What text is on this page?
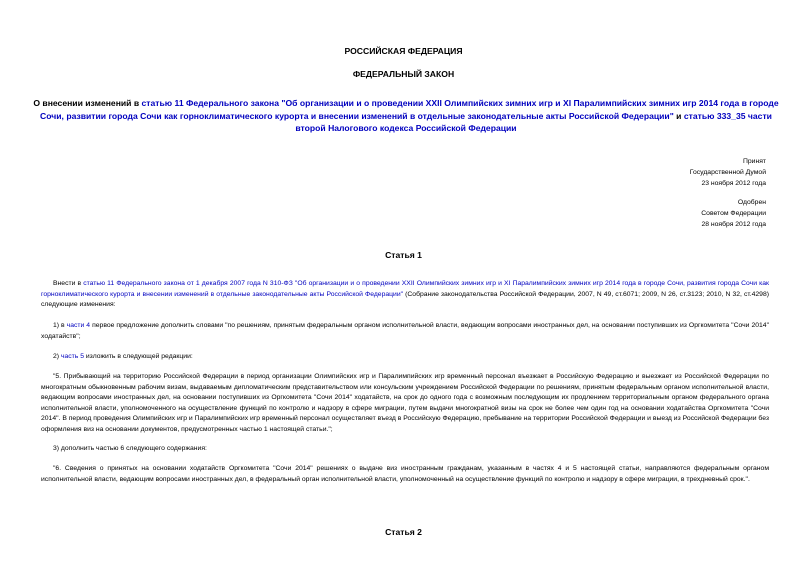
РОССИЙСКАЯ ФЕДЕРАЦИЯ
ФЕДЕРАЛЬНЫЙ ЗАКОН
О внесении изменений в статью 11 Федерального закона "Об организации и о проведении XXII Олимпийских зимних игр и XI Паралимпийских зимних игр 2014 года в городе Сочи, развитии города Сочи как горноклиматического курорта и внесении изменений в отдельные законодательные акты Российской Федерации" и статью 333_35 части второй Налогового кодекса Российской Федерации
Принят
Государственной Думой
23 ноября 2012 года
Одобрен
Советом Федерации
28 ноября 2012 года
Статья 1
Внести в статью 11 Федерального закона от 1 декабря 2007 года N 310-ФЗ "Об организации и о проведении XXII Олимпийских зимних игр и XI Паралимпийских зимних игр 2014 года в городе Сочи, развития города Сочи как горноклиматического курорта и внесении изменений в отдельные законодательные акты Российской Федерации" (Собрание законодательства Российской Федерации, 2007, N 49, ст.6071; 2009, N 26, ст.3123; 2010, N 32, ст.4298) следующие изменения:
1) в части 4 первое предложение дополнить словами "по решениям, принятым федеральным органом исполнительной власти, ведающим вопросами иностранных дел, на основании поступивших из Оргкомитета "Сочи 2014" ходатайств";
2) часть 5 изложить в следующей редакции:
"5. Прибывающий на территорию Российской Федерации в период организации Олимпийских игр и Паралимпийских игр временный персонал въезжает в Российскую Федерацию и выезжает из Российской Федерации по многократным обыкновенным рабочим визам, выдаваемым дипломатическим представительством или консульским учреждением Российской Федерации по решениям, принятым федеральным органом исполнительной власти, ведающим вопросами иностранных дел, на основании поступивших из Оргкомитета "Сочи 2014" ходатайств, на срок до одного года с возможным последующим их продлением территориальным органом федерального органа исполнительной власти, уполномоченного на осуществление функций по контролю и надзору в сфере миграции, путем выдачи многократной визы на срок не более чем один год на основании ходатайства Оргкомитета "Сочи 2014". В период проведения Олимпийских игр и Паралимпийских игр временный персонал осуществляет въезд в Российскую Федерацию, пребывание на территории Российской Федерации и выезд из Российской Федерации без оформления виз на основании документов, предусмотренных частью 1 настоящей статьи.";
3) дополнить частью 6 следующего содержания:
"6. Сведения о принятых на основании ходатайств Оргкомитета "Сочи 2014" решениях о выдаче виз иностранным гражданам, указанным в частях 4 и 5 настоящей статьи, направляются федеральным органом исполнительной власти, ведающим вопросами иностранных дел, в федеральный орган исполнительной власти, уполномоченный на осуществление функций по контролю и надзору в сфере миграции, в трехдневный срок.".
Статья 2
